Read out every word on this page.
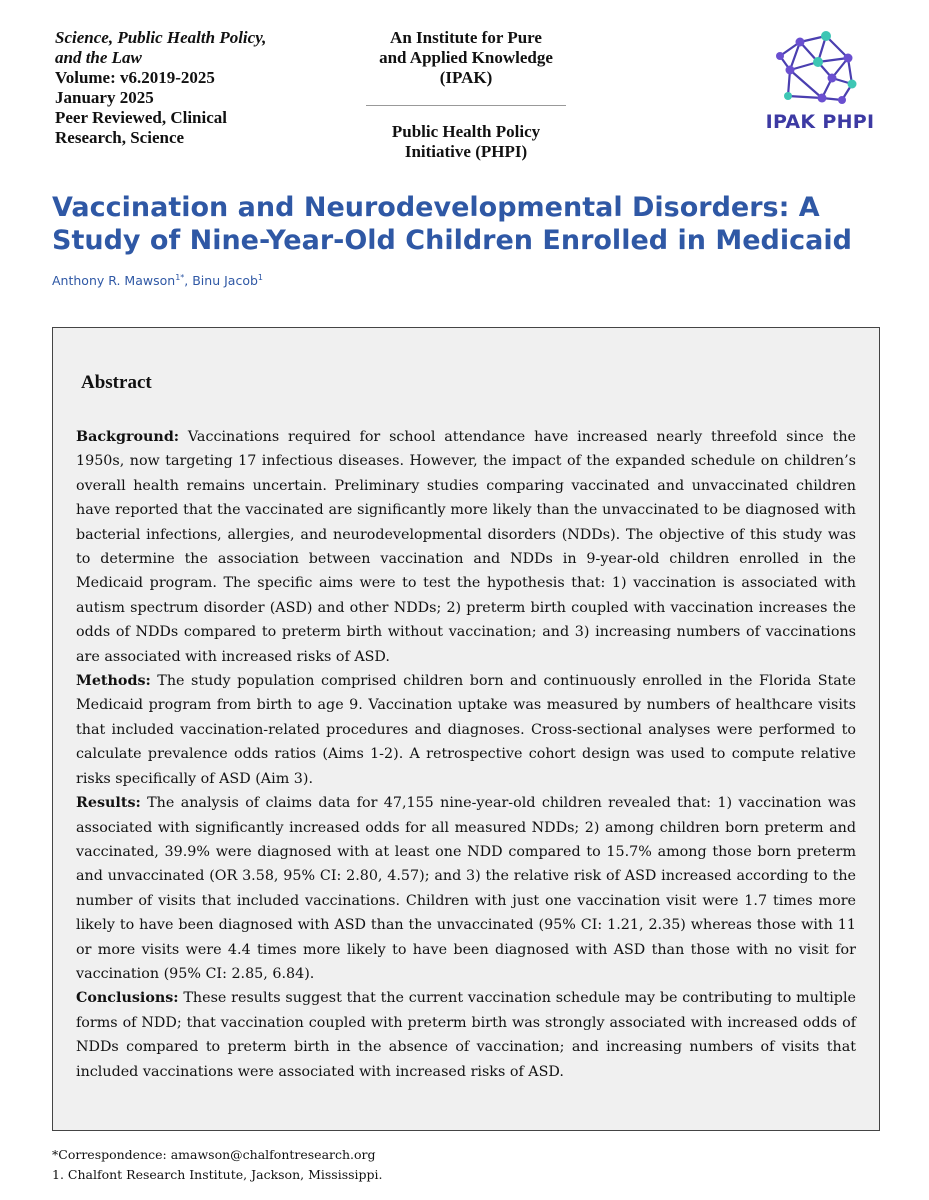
Science, Public Health Policy,
and the Law
Volume: v6.2019-2025
January 2025
Peer Reviewed, Clinical
Research, Science
An Institute for Pure
and Applied Knowledge
(IPAK)
Public Health Policy
Initiative (PHPI)
IPAK PHPI
Vaccination and Neurodevelopmental Disorders: A Study of Nine-Year-Old Children Enrolled in Medicaid
Anthony R. Mawson$^{1*}$, Binu Jacob$^1$
Abstract

Background: Vaccinations required for school attendance have increased nearly threefold since the 1950s, now targeting 17 infectious diseases. However, the impact of the expanded schedule on children’s overall health remains uncertain. Preliminary studies comparing vaccinated and unvaccinated children have reported that the vaccinated are significantly more likely than the unvaccinated to be diagnosed with bacterial infections, allergies, and neurodevelopmental disorders (NDDs). The objective of this study was to determine the association between vaccination and NDDs in 9-year-old children enrolled in the Medicaid program. The specific aims were to test the hypothesis that: 1) vaccination is associated with autism spectrum disorder (ASD) and other NDDs; 2) preterm birth coupled with vaccination increases the odds of NDDs compared to preterm birth without vaccination; and 3) increasing numbers of vaccinations are associated with increased risks of ASD.

Methods: The study population comprised children born and continuously enrolled in the Florida State Medicaid program from birth to age 9. Vaccination uptake was measured by numbers of healthcare visits that included vaccination-related procedures and diagnoses. Cross-sectional analyses were performed to calculate prevalence odds ratios (Aims 1-2). A retrospective cohort design was used to compute relative risks specifically of ASD (Aim 3).

Results: The analysis of claims data for 47,155 nine-year-old children revealed that: 1) vaccination was associated with significantly increased odds for all measured NDDs; 2) among children born preterm and vaccinated, 39.9% were diagnosed with at least one NDD compared to 15.7% among those born preterm and unvaccinated (OR 3.58, 95% CI: 2.80, 4.57); and 3) the relative risk of ASD increased according to the number of visits that included vaccinations. Children with just one vaccination visit were 1.7 times more likely to have been diagnosed with ASD than the unvaccinated (95% CI: 1.21, 2.35) whereas those with 11 or more visits were 4.4 times more likely to have been diagnosed with ASD than those with no visit for vaccination (95% CI: 2.85, 6.84).

Conclusions: These results suggest that the current vaccination schedule may be contributing to multiple forms of NDD; that vaccination coupled with preterm birth was strongly associated with increased odds of NDDs compared to preterm birth in the absence of vaccination; and increasing numbers of visits that included vaccinations were associated with increased risks of ASD.

*Correspondence: amawson@chalfontresearch.org
1. Chalfont Research Institute, Jackson, Mississippi.
